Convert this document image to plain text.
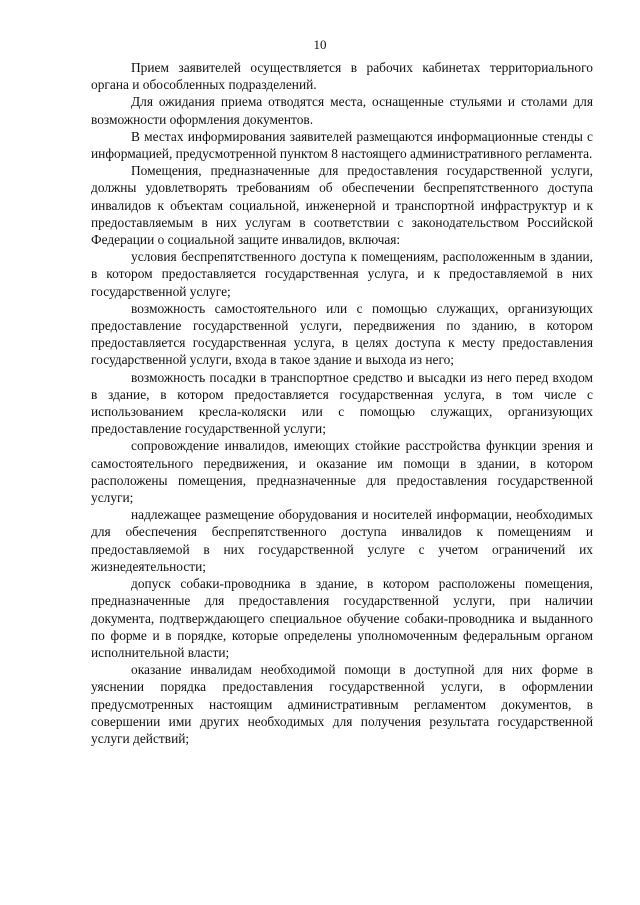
10

Прием заявителей осуществляется в рабочих кабинетах территориального органа и обособленных подразделений.

Для ожидания приема отводятся места, оснащенные стульями и столами для возможности оформления документов.

В местах информирования заявителей размещаются информационные стенды с информацией, предусмотренной пунктом 8 настоящего административного регламента.

Помещения, предназначенные для предоставления государственной услуги, должны удовлетворять требованиям об обеспечении беспрепятственного доступа инвалидов к объектам социальной, инженерной и транспортной инфраструктур и к предоставляемым в них услугам в соответствии с законодательством Российской Федерации о социальной защите инвалидов, включая:

условия беспрепятственного доступа к помещениям, расположенным в здании, в котором предоставляется государственная услуга, и к предоставляемой в них государственной услуге;

возможность самостоятельного или с помощью служащих, организующих предоставление государственной услуги, передвижения по зданию, в котором предоставляется государственная услуга, в целях доступа к месту предоставления государственной услуги, входа в такое здание и выхода из него;

возможность посадки в транспортное средство и высадки из него перед входом в здание, в котором предоставляется государственная услуга, в том числе с использованием кресла-коляски или с помощью служащих, организующих предоставление государственной услуги;

сопровождение инвалидов, имеющих стойкие расстройства функции зрения и самостоятельного передвижения, и оказание им помощи в здании, в котором расположены помещения, предназначенные для предоставления государственной услуги;

надлежащее размещение оборудования и носителей информации, необходимых для обеспечения беспрепятственного доступа инвалидов к помещениям и предоставляемой в них государственной услуге с учетом ограничений их жизнедеятельности;

допуск собаки-проводника в здание, в котором расположены помещения, предназначенные для предоставления государственной услуги, при наличии документа, подтверждающего специальное обучение собаки-проводника и выданного по форме и в порядке, которые определены уполномоченным федеральным органом исполнительной власти;

оказание инвалидам необходимой помощи в доступной для них форме в уяснении порядка предоставления государственной услуги, в оформлении предусмотренных настоящим административным регламентом документов, в совершении ими других необходимых для получения результата государственной услуги действий;
